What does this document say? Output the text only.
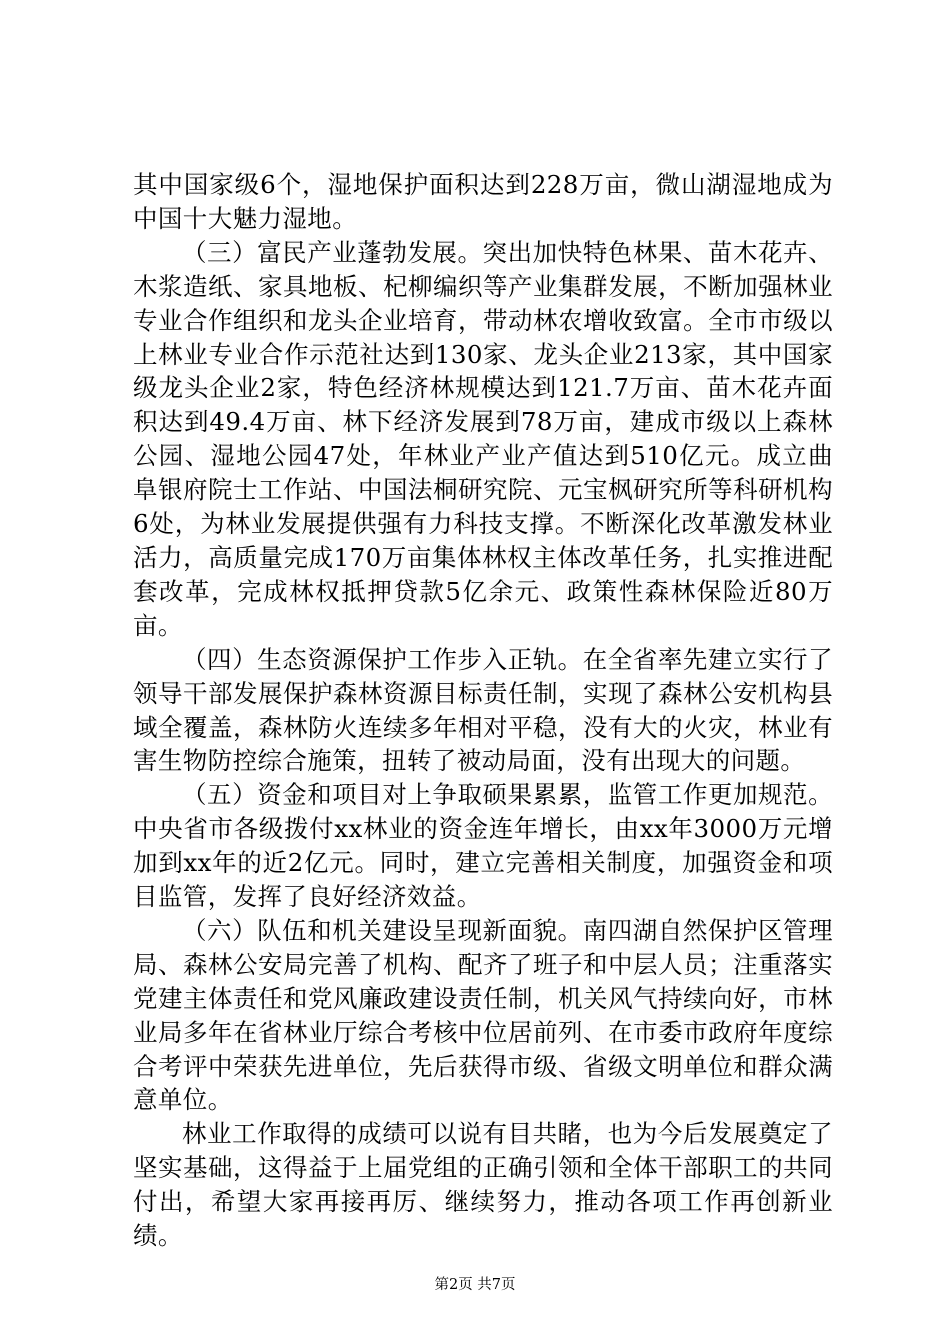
其中国家级6个，湿地保护面积达到228万亩，微山湖湿地成为中国十大魅力湿地。

（三）富民产业蓬勃发展。突出加快特色林果、苗木花卉、木浆造纸、家具地板、杞柳编织等产业集群发展，不断加强林业专业合作组织和龙头企业培育，带动林农增收致富。全市市级以上林业专业合作示范社达到130家、龙头企业213家，其中国家级龙头企业2家，特色经济林规模达到121.7万亩、苗木花卉面积达到49.4万亩、林下经济发展到78万亩，建成市级以上森林公园、湿地公园47处，年林业产业产值达到510亿元。成立曲阜银府院士工作站、中国法桐研究院、元宝枫研究所等科研机构6处，为林业发展提供强有力科技支撑。不断深化改革激发林业活力，高质量完成170万亩集体林权主体改革任务，扎实推进配套改革，完成林权抵押贷款5亿余元、政策性森林保险近80万亩。

（四）生态资源保护工作步入正轨。在全省率先建立实行了领导干部发展保护森林资源目标责任制，实现了森林公安机构县域全覆盖，森林防火连续多年相对平稳，没有大的火灾，林业有害生物防控综合施策，扭转了被动局面，没有出现大的问题。

（五）资金和项目对上争取硕果累累，监管工作更加规范。中央省市各级拨付xx林业的资金连年增长，由xx年3000万元增加到xx年的近2亿元。同时，建立完善相关制度，加强资金和项目监管，发挥了良好经济效益。

（六）队伍和机关建设呈现新面貌。南四湖自然保护区管理局、森林公安局完善了机构、配齐了班子和中层人员；注重落实党建主体责任和党风廉政建设责任制，机关风气持续向好，市林业局多年在省林业厅综合考核中位居前列、在市委市政府年度综合考评中荣获先进单位，先后获得市级、省级文明单位和群众满意单位。

林业工作取得的成绩可以说有目共睹，也为今后发展奠定了坚实基础，这得益于上届党组的正确引领和全体干部职工的共同付出，希望大家再接再厉、继续努力，推动各项工作再创新业绩。

第2页 共7页
